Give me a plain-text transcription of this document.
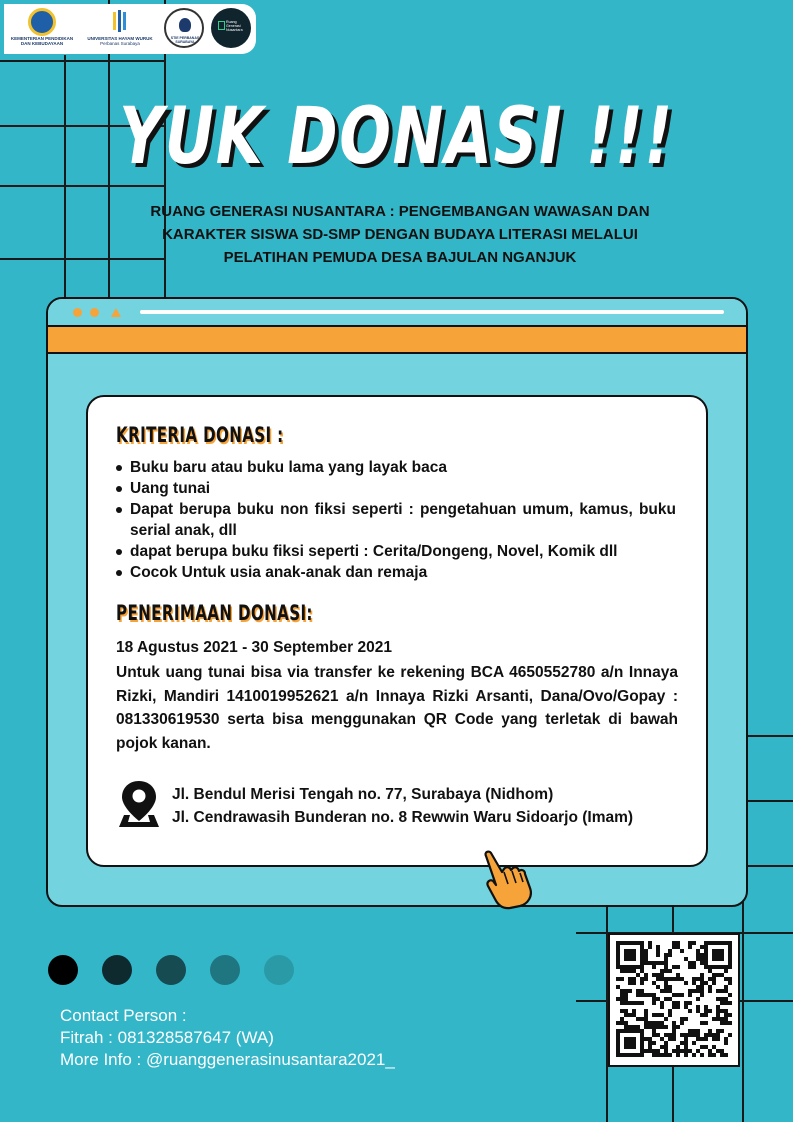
KEMENTERIAN PENDIDIKAN DAN KEBUDAYAAN
UNIVERSITAS HAYAM WURUK
Perbanas Surabaya
STIE PERBANAS SURABAYA
Ruang Generasi Nusantara
YUK DONASI !!!
RUANG GENERASI NUSANTARA : PENGEMBANGAN WAWASAN DAN KARAKTER SISWA SD-SMP DENGAN BUDAYA LITERASI MELALUI PELATIHAN PEMUDA DESA BAJULAN NGANJUK
KRITERIA DONASI :
Buku baru atau buku lama yang layak baca
Uang tunai
Dapat berupa buku non fiksi seperti : pengetahuan umum, kamus, buku serial anak, dll
dapat berupa buku fiksi seperti : Cerita/Dongeng, Novel, Komik dll
Cocok Untuk usia anak-anak dan remaja
PENERIMAAN DONASI:
18 Agustus 2021 - 30 September 2021
Untuk uang tunai bisa via transfer ke rekening BCA 4650552780 a/n Innaya Rizki, Mandiri 1410019952621 a/n Innaya Rizki Arsanti, Dana/Ovo/Gopay : 081330619530 serta bisa menggunakan QR Code yang terletak di bawah pojok kanan.
Jl. Bendul Merisi Tengah no. 77, Surabaya (Nidhom)
Jl. Cendrawasih Bunderan no. 8 Rewwin Waru Sidoarjo (Imam)
Contact Person :
Fitrah : 081328587647 (WA)
More Info : @ruanggenerasinusantara2021_
